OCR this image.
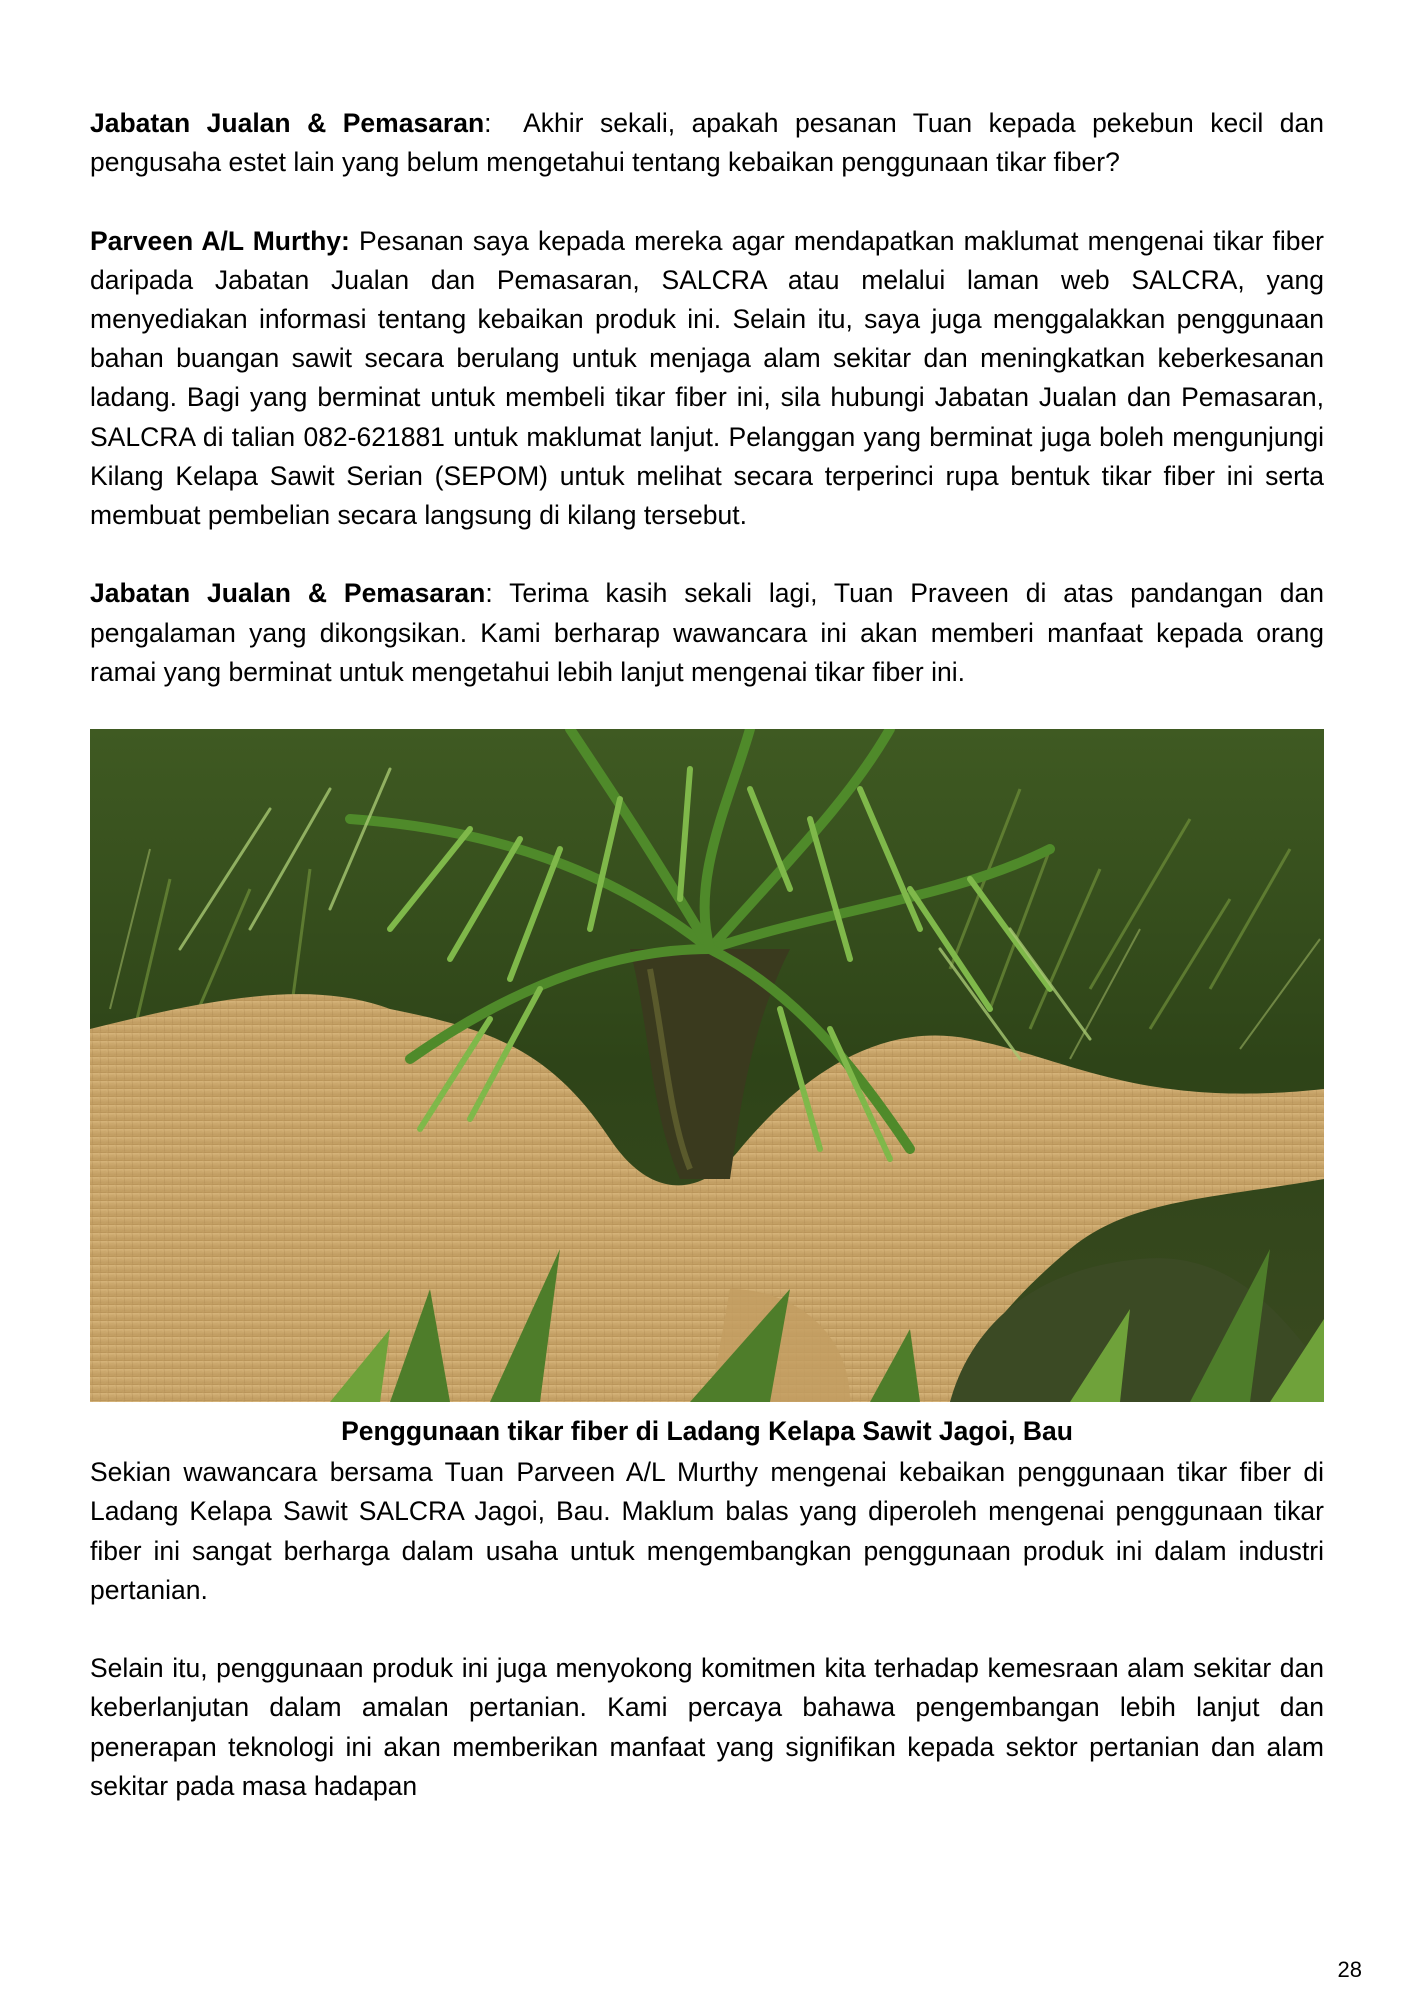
Jabatan Jualan & Pemasaran:  Akhir sekali, apakah pesanan Tuan kepada pekebun kecil dan pengusaha estet lain yang belum mengetahui tentang kebaikan penggunaan tikar fiber?

Parveen A/L Murthy: Pesanan saya kepada mereka agar mendapatkan maklumat mengenai tikar fiber daripada Jabatan Jualan dan Pemasaran, SALCRA atau melalui laman web SALCRA, yang menyediakan informasi tentang kebaikan produk ini. Selain itu, saya juga menggalakkan penggunaan bahan buangan sawit secara berulang untuk menjaga alam sekitar dan meningkatkan keberkesanan ladang. Bagi yang berminat untuk membeli tikar fiber ini, sila hubungi Jabatan Jualan dan Pemasaran, SALCRA di talian 082-621881 untuk maklumat lanjut. Pelanggan yang berminat juga boleh mengunjungi Kilang Kelapa Sawit Serian (SEPOM) untuk melihat secara terperinci rupa bentuk tikar fiber ini serta membuat pembelian secara langsung di kilang tersebut.

Jabatan Jualan & Pemasaran: Terima kasih sekali lagi, Tuan Praveen di atas pandangan dan pengalaman yang dikongsikan. Kami berharap wawancara ini akan memberi manfaat kepada orang ramai yang berminat untuk mengetahui lebih lanjut mengenai tikar fiber ini.

Penggunaan tikar fiber di Ladang Kelapa Sawit Jagoi, Bau

Sekian wawancara bersama Tuan Parveen A/L Murthy mengenai kebaikan penggunaan tikar fiber di Ladang Kelapa Sawit SALCRA Jagoi, Bau. Maklum balas yang diperoleh mengenai penggunaan tikar fiber ini sangat berharga dalam usaha untuk mengembangkan penggunaan produk ini dalam industri pertanian.

Selain itu, penggunaan produk ini juga menyokong komitmen kita terhadap kemesraan alam sekitar dan keberlanjutan dalam amalan pertanian. Kami percaya bahawa pengembangan lebih lanjut dan penerapan teknologi ini akan memberikan manfaat yang signifikan kepada sektor pertanian dan alam sekitar pada masa hadapan

28
